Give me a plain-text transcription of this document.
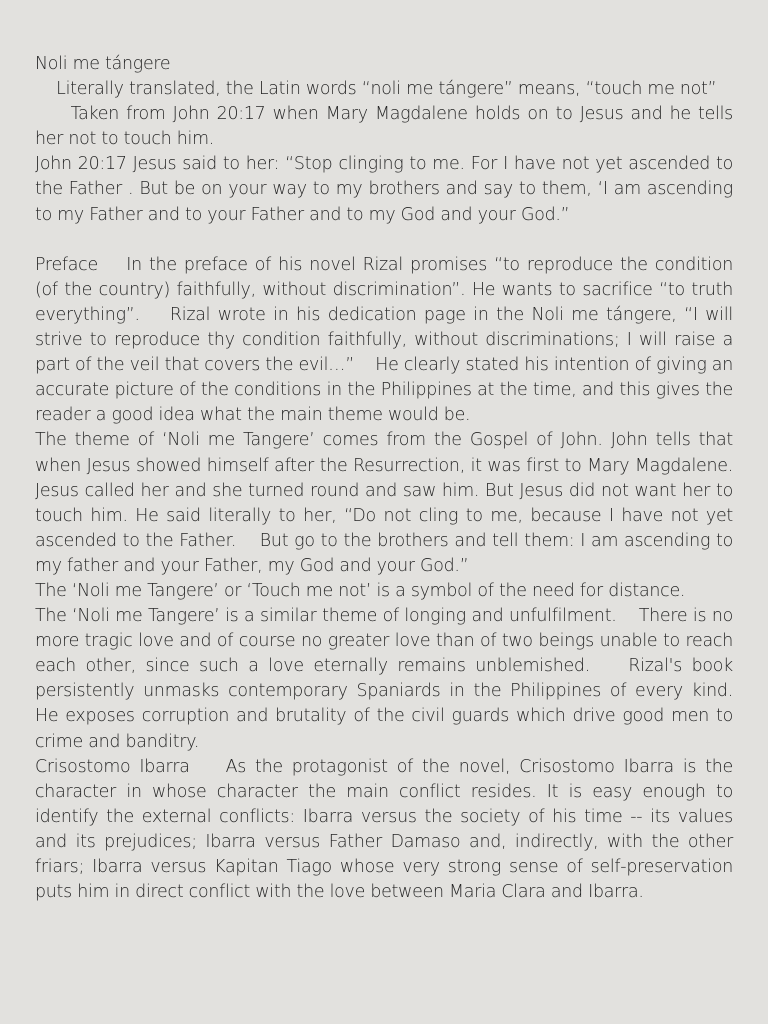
Noli me tángere
Literally translated, the Latin words “noli me tángere” means, “touch me not”
Taken from John 20:17 when Mary Magdalene holds on to Jesus and he tells her not to touch him.
John 20:17 Jesus said to her: “Stop clinging to me. For I have not yet ascended to the Father . But be on your way to my brothers and say to them, ‘I am ascending to my Father and to your Father and to my God and your God.”
Preface    In the preface of his novel Rizal promises “to reproduce the condition (of the country) faithfully, without discrimination”. He wants to sacrifice “to truth everything”.    Rizal wrote in his dedication page in the Noli me tángere, “I will strive to reproduce thy condition faithfully, without discriminations; I will raise a part of the veil that covers the evil…”    He clearly stated his intention of giving an accurate picture of the conditions in the Philippines at the time, and this gives the reader a good idea what the main theme would be.
The theme of ‘Noli me Tangere’ comes from the Gospel of John. John tells that when Jesus showed himself after the Resurrection, it was first to Mary Magdalene.    Jesus called her and she turned round and saw him. But Jesus did not want her to touch him. He said literally to her, “Do not cling to me, because I have not yet ascended to the Father.    But go to the brothers and tell them: I am ascending to my father and your Father, my God and your God.”
The ‘Noli me Tangere’ or ‘Touch me not’ is a symbol of the need for distance.
The ‘Noli me Tangere’ is a similar theme of longing and unfulfilment.    There is no more tragic love and of course no greater love than of two beings unable to reach each other, since such a love eternally remains unblemished.    Rizal's book persistently unmasks contemporary Spaniards in the Philippines of every kind.    He exposes corruption and brutality of the civil guards which drive good men to crime and banditry.
Crisostomo Ibarra    As the protagonist of the novel, Crisostomo Ibarra is the character in whose character the main conflict resides. It is easy enough to identify the external conflicts: Ibarra versus the society of his time -- its values and its prejudices; Ibarra versus Father Damaso and, indirectly, with the other friars; Ibarra versus Kapitan Tiago whose very strong sense of self-preservation puts him in direct conflict with the love between Maria Clara and Ibarra.
